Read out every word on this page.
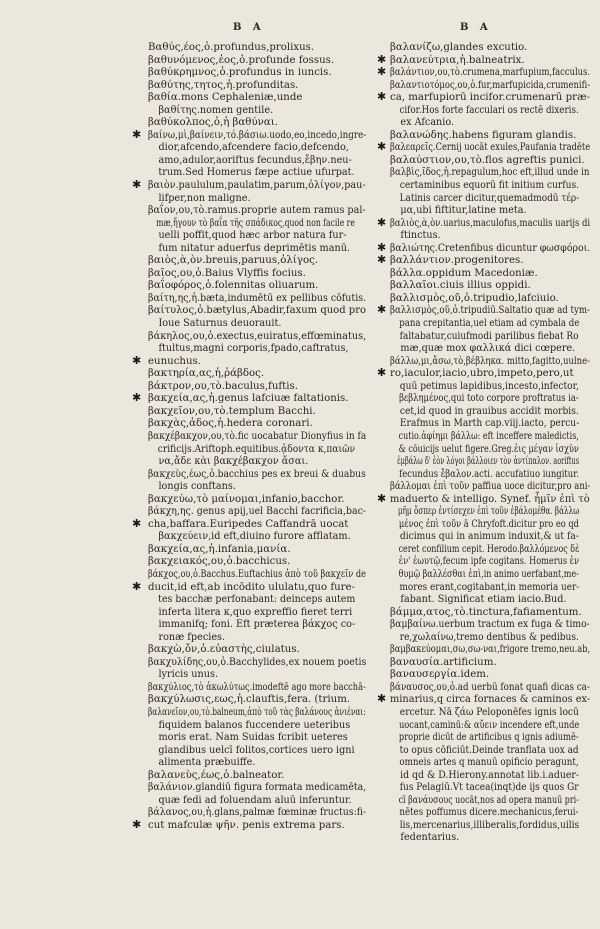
B A	B A
Βαθύς,έος,ὁ.profundus,prolixus.
βαθυνόμενος,ἐος,ὁ.profunde fossus.
βαθύκρημνος,ὁ.profundus in iuncis.
βαθύτης,τητος,ἡ.profunditas.
βαθία.mons Cephaleniæ,unde
βαθίτης.nomen gentile.
βαθύκολπος,ὁ,ἡ βαθύναι.
✱ βαίνω,μὶ,βαίνειν,τό.βάσιω.uodo,eo,incedo,ingre-
dior,afcendo,afcendere facio,defcendo,
amo,adulor,aoriftus fecundus,ἔβην.neu-
trum.Sed Homerus fæpe actiue ufurpat.
✱ βαιὸν.paululum,paulatim,parum,ὀλίγον,pau-
lifper,non maligne.
βαΐον,ου,τὸ.ramus.proprie autem ramus pal-
mæ,ἤγουν τὸ βαΐα τῆς σπάδικος,quod non facile re
uelli poffit,quod hæc arbor natura fur-
fum nitatur aduerfus deprimētis manū.
βαιὸς,ὰ,ὸν.breuis,paruus,ὀλίγος.
βαῖος,ου,ὁ.Baius Vlyffis focius.
βαΐοφόρος,ὁ.folennitas oliuarum.
βαίτη,ης,ἡ.bæta,indumētū ex pellibus cōfutis.
βαίτυλος,ὁ.bætylus,Abadir,faxum quod pro
Ioue Saturnus deuorauit.
βάκηλος,ου,ὁ.exectus,euiratus,effœminatus,
ftultus,magni corporis,fpado,caftratus,
✱ eunuchus.
βακτηρία,ας,ἡ,ῥάβδος.
βάκτρον,ου,τὸ.baculus,fuftis.
✱ βακχεία,ας,ἡ.genus lafciuæ faltationis.
βακχεῖον,ου,τὸ.templum Bacchi.
βακχὰς,ἀδος,ἡ.hedera coronari.
βακχέβακχον,ου,τὸ.fic uocabatur Dionyfius in fa
crificijs.Ariftoph.equitibus.ᾀδοντα κ,παιῶν
να,ἄδε κὰι βακχέβακχον ἄσαι.
βακχεὺς,έως,ὁ.bacchius pes ex breui & duabus
longis conftans.
βακχεύω,τὸ μαίνομαι,infanio,bacchor.
βάκχη,ης. genus apij,uel Bacchi facrificia,bac-
✱ cha,baffara.Euripedes Caffandrā uocat
βακχεύειν,id eft,diuino furore afflatam.
βακχεία,ας,ἡ.infania,μανία.
βακχειακός,ου,ὁ.bacchicus.
βάκχος,ου,ὁ.Bacchus.Euftachius ἀπὸ τοῦ βακχεῖν de
✱ ducit,id eft,ab incōdito ululatu,quo fure-
tes bacchæ perfonabant: deinceps autem
inferta litera κ,quo expreffio fieret terri
immanifq; foni. Eft præterea βάκχος co-
ronæ fpecies.
βακχὼ,ὄν,ὁ.εὐαστὴς,ciulatus.
βακχυλίδης,ου,ὁ.Bacchylides,ex nouem poetis
lyricis unus.
βακχύλιος,τὸ ἀκωλύτως.imodeftē ago more bacchā-
βακχύλωσις,εως,ἡ.clauftis,fera. (trium.
βαλανεῖον,ου,τὸ.balneum,ἀπὸ τοῦ τὰς βαλάνους ἀνιέναι:
fiquidem balanos fuccendere ueteribus
moris erat. Nam Suidas fcribit ueteres
glandibus uelcī folitos,cortices uero igni
alimenta præbuiffe.
βαλανεὺς,έως,ὁ.balneator.
βαλάνιον.glandiū figura formata medicamēta,
quæ fedi ad foluendam aluū inferuntur.
βάλανος,ου,ἡ.glans,palmæ fœminæ fructus:fi-
✱ cut mafculæ ψῆν. penis extrema pars.
βαλανίζω,glandes excutio.
✱ βαλανεύτρια,ἡ.balneatrix.
✱ βαλάντιον,ου,τὸ.crumena,marfupium,facculus.
βαλαντιοτόμος,ου,ὁ.fur,marfupicida,crumenifi-
✱ ca, marfupiorū incifor.crumenarū præ-
cifor.Hos forte facculari os rectē dixeris.
ex Afcanio.
βαλανώδης.habens figuram glandis.
✱ βαλεαρεῖς.Cernij uocāt exules,Paufania tradēte
βαλαύστιον,ου,τὸ.flos agreftis punici.
βαλβὶς,ῖδος,ἡ.repagulum,hoc eft,illud unde in
certaminibus equorū fit initium curfus.
Latinis carcer dicitur,quemadmodū τέρ-
μα,ubi fiftitur,latine meta.
✱ βαλιὸς,ὰ,ὸν.uarius,maculofus,maculis uarijs di
ftinctus.
✱ βαλιώτης.Cretenfibus dicuntur φωσφόροι.
✱ βαλλάντιον.progenitores.
βάλλα.oppidum Macedoniæ.
βαλλαῖοι.ciuis illius oppidi.
βαλλισμὸς,οῦ,ὁ.tripudio,lafciuio.
✱ βαλλισμὸς,οῦ,ὁ.tripudiū.Saltatio quæ ad tym-
pana crepitantia,uel etiam ad cymbala de
faltabatur,cuiufmodi parilibus fiebat Ro
mæ,quæ mox φαλλικά dici cœpere.
βάλλω,μι,ἄσω,τὸ,βέβληκα. mitto,fagitto,uulne-
✱ ro,iaculor,iacio,ubro,impeto,pero,ut
quū petimus lapidibus,incesto,infector,
βεβλημένος,qui toto corpore proftratus ia-
cet,id quod in grauibus accidit morbis.
Erafmus in Marth cap.viij.iacto, percu-
cutio.ἀφίημι βάλλω: eft inceffere maledictis,
& cōuicijs uelut figere.Greg.ἐις μέγαν ἰσχὺν
ἐμβάλω δ' ἐὸν λόγοι βάλλοιεν τὸν ἀντίπαλον. aoriftus
fecundus ἔβαλον.acti. accufatiuo iungitur.
βάλλομαι ἐπὶ τοῦν paffiua uoce dicitur,pro ani-
✱ maduerto & intelligo. Synef. ἦμῖν ἐπὶ τὸ
μῆμ ὄσπερ ἐντίσεχεν ἐπὶ τοῦν ἐβάλομέθα. βάλλω
μένος ἐπὶ τοῦν ā Chryfoft.dicitur pro eo qd
dicimus qui in animum induxit,& ut fa-
ceret confilium cepit. Herodo.βαλλόμενος δὲ
ἐν' ἑωυτῷ,fecum ipfe cogitans. Homerus ἐν
θυμῷ βαλλέσθαι ἐπὶ,in animo uerfabant,me-
mores erant,cogitabant,in memoria uer-
fabant. Significat etiam iacio.Bud.
βάμμα,ατος,τὸ.tinctura,fafiamentum.
βαμβαίνω.uerbum tractum ex fuga & timo-
re,χωλαίνω,tremo dentibus & pedibus.
βαμβακεύομαι,σω,σω-ναι,frigore tremo,neu.ab,
βαναυσία.artificium.
βαναυσεργία.idem.
βάναυσος,ου,ὁ.ad uerbū fonat quafi dicas ca-
✱ minarius,q circa fornaces & caminos ex-
ercetur. Nā ζάω Peloponēfes ignis locū
uocant,caminū:& αὔειν incendere eft,unde
proprie dicūt de artificibus q ignis adiumē-
to opus cōficiūt.Deinde tranflata uox ad
omneis artes q manuū opificio peragunt,
id qd & D.Hierony.annotat lib.i.aduer-
fus Pelagiū.Vt tacea(inqt)de ijs quos Gr
cī βανάυσους uocāt,nos ad opera manuū pri-
nētes poffumus dicere.mechanicus,ferui-
lis,mercenarius,illiberalis,fordidus,uilis
fedentarius.
